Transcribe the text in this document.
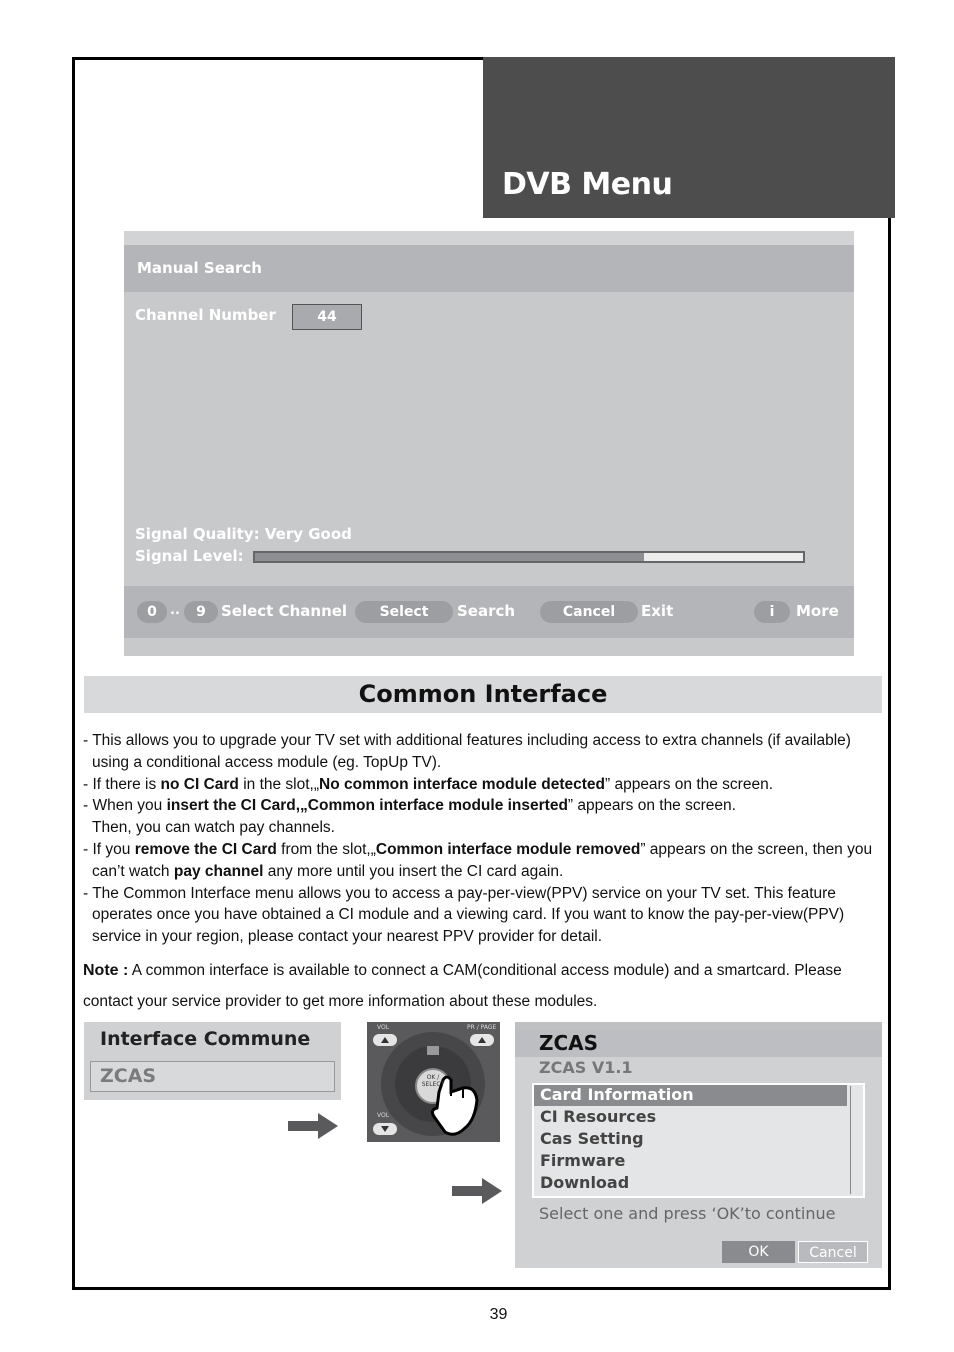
DVB Menu
Manual Search
Channel Number	44
Signal Quality: Very Good
Signal Level:
0	..	9	Select Channel	Select	Search	Cancel	Exit	i	More
Common Interface

- This allows you to upgrade your TV set with additional features including access to extra channels (if available) using a conditional access module (eg. TopUp TV).

- If there is no CI Card in the slot,„No common interface module detected” appears on the screen.

- When you insert the CI Card,„Common interface module inserted” appears on the screen.
Then, you can watch pay channels.

- If you remove the CI Card from the slot,„Common interface module removed” appears on the screen, then you can’t watch pay channel any more until you insert the CI card again.

- The Common Interface menu allows you to access a pay-per-view(PPV) service on your TV set. This feature operates once you have obtained a CI module and a viewing card. If you want to know the pay-per-view(PPV) service in your region, please contact your nearest PPV provider for detail.

Note : A common interface is available to connect a CAM(conditional access module) and a smartcard. Please contact your service provider to get more information about these modules.
Interface Commune
ZCAS
VOL	PR / PAGE
VOL
OK / SELECT
ZCAS
ZCAS V1.1
Card Information
CI Resources
Cas Setting
Firmware
Download
Select one and press ‘OK’to continue
OK	Cancel
39
